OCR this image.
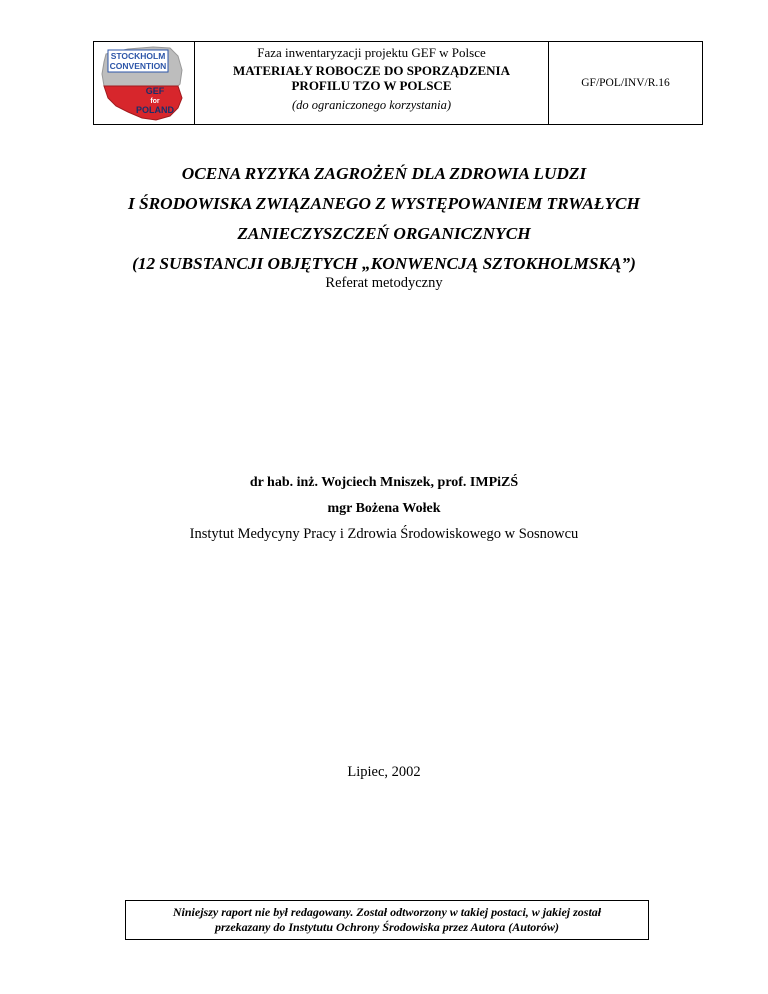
STOCKHOLM
CONVENTION
GEF
for
POLAND
Faza inwentaryzacji projektu GEF w Polsce
MATERIAŁY ROBOCZE DO SPORZĄDZENIA
PROFILU TZO W POLSCE
(do ograniczonego korzystania)
GF/POL/INV/R.16
OCENA RYZYKA ZAGROŻEŃ DLA ZDROWIA LUDZI
I ŚRODOWISKA ZWIĄZANEGO Z WYSTĘPOWANIEM TRWAŁYCH
ZANIECZYSZCZEŃ ORGANICZNYCH
(12 SUBSTANCJI OBJĘTYCH „KONWENCJĄ SZTOKHOLMSKĄ”)
Referat metodyczny
dr hab. inż. Wojciech Mniszek, prof. IMPiZŚ
mgr Bożena Wołek
Instytut Medycyny Pracy i Zdrowia Środowiskowego w Sosnowcu
Lipiec, 2002
Niniejszy raport nie był redagowany. Został odtworzony w takiej postaci, w jakiej został
przekazany do Instytutu Ochrony Środowiska przez Autora (Autorów)
